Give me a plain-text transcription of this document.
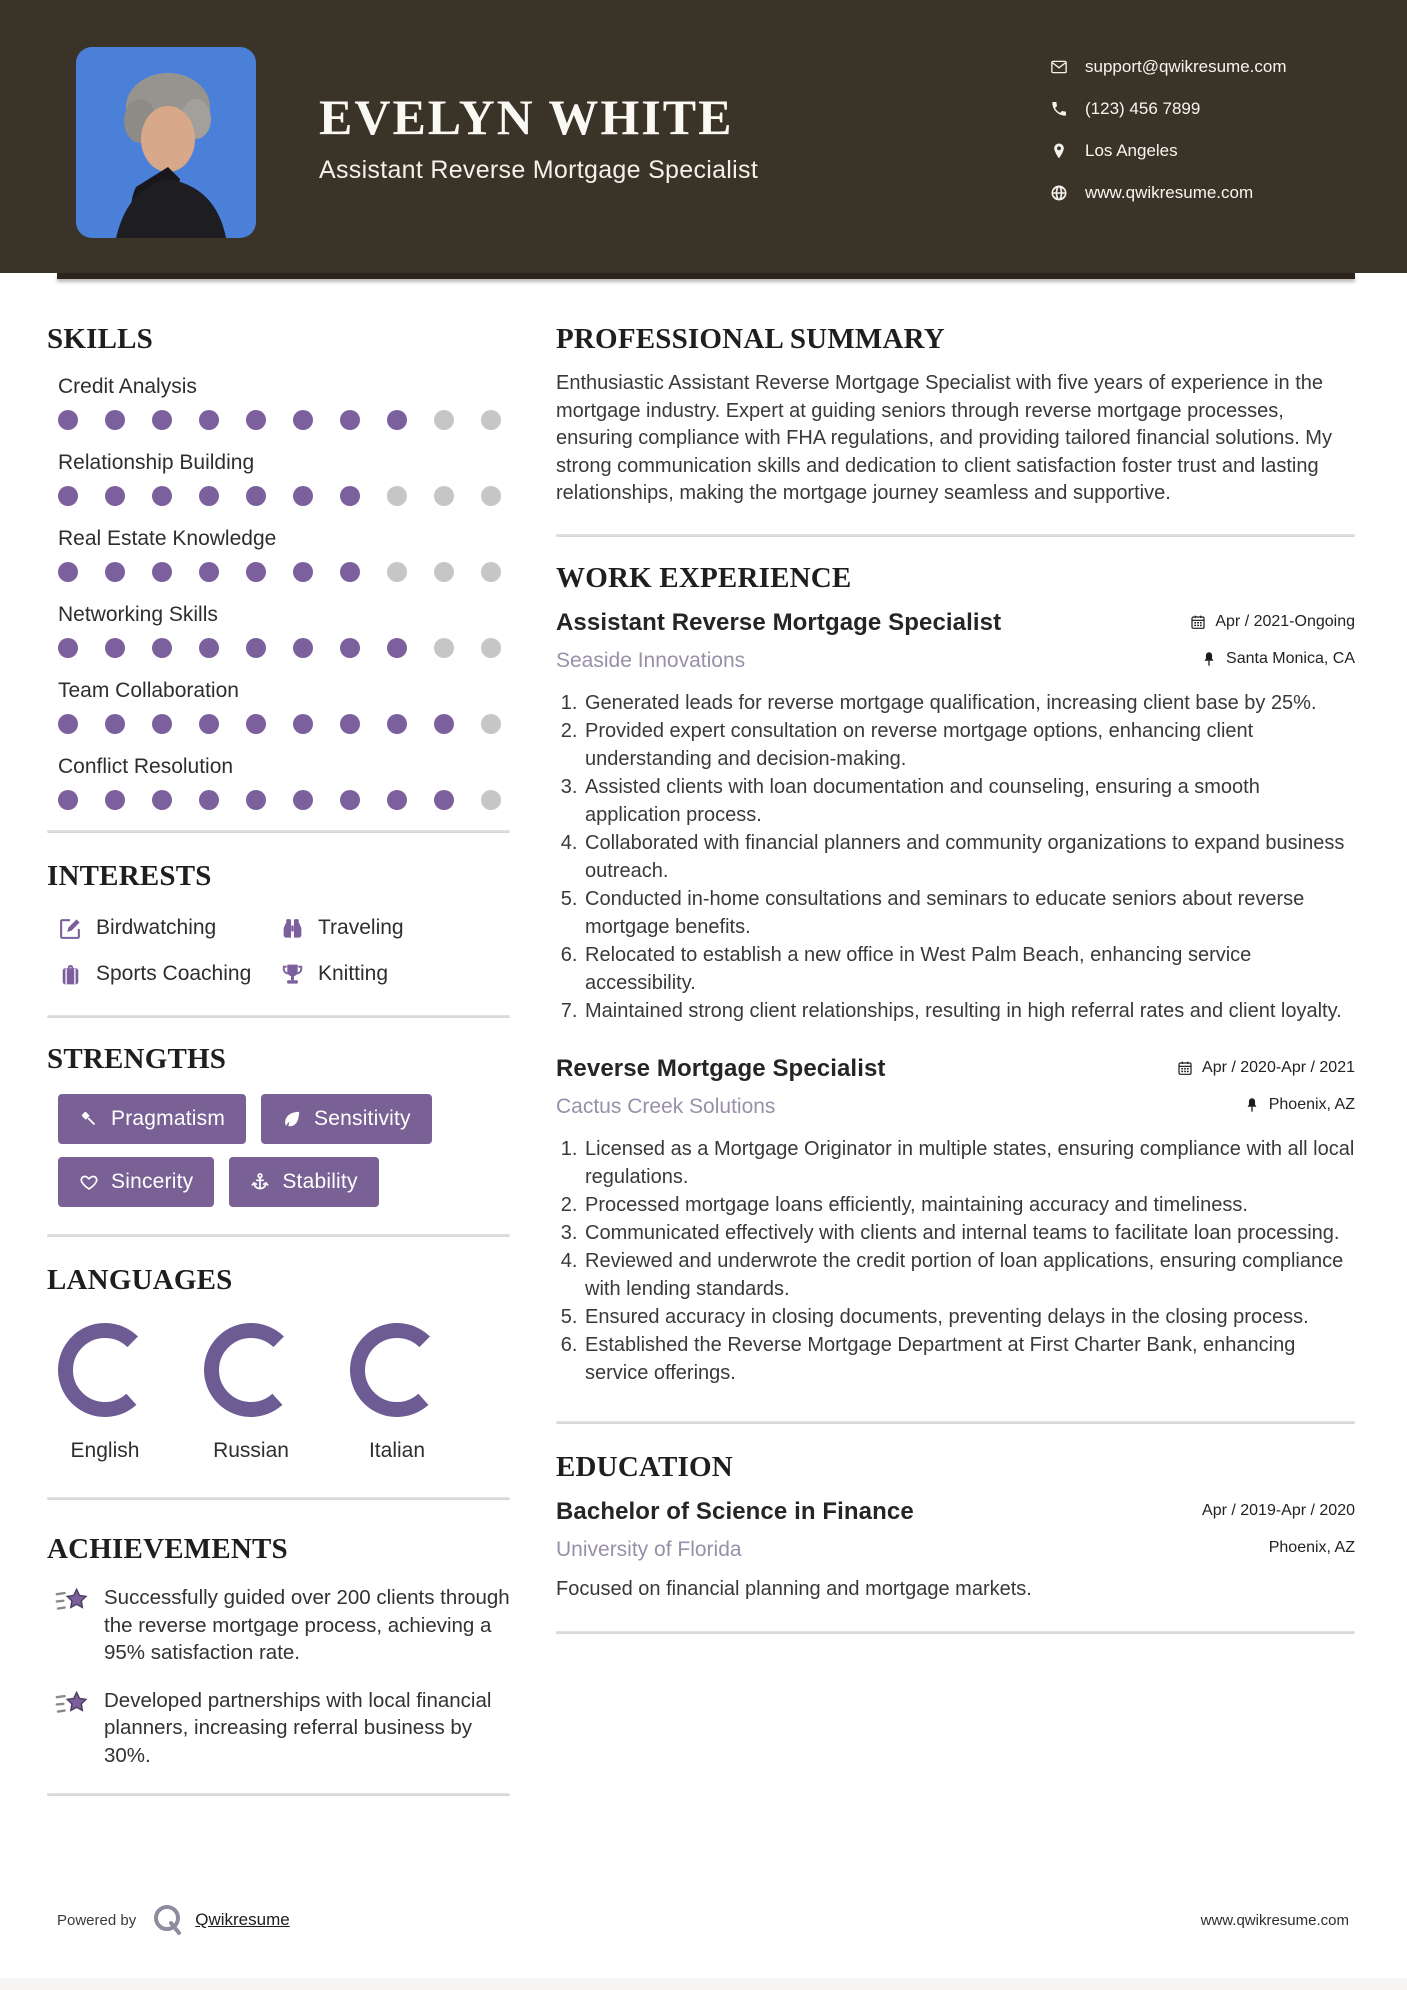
EVELYN WHITE
Assistant Reverse Mortgage Specialist
support@qwikresume.com
(123) 456 7899
Los Angeles
www.qwikresume.com
SKILLS
Credit Analysis
Relationship Building
Real Estate Knowledge
Networking Skills
Team Collaboration
Conflict Resolution
INTERESTS
Birdwatching	Traveling
Sports Coaching	Knitting
STRENGTHS
Pragmatism	Sensitivity
Sincerity	Stability
LANGUAGES
English	Russian	Italian
ACHIEVEMENTS
Successfully guided over 200 clients through the reverse mortgage process, achieving a 95% satisfaction rate.
Developed partnerships with local financial planners, increasing referral business by 30%.
PROFESSIONAL SUMMARY

Enthusiastic Assistant Reverse Mortgage Specialist with five years of experience in the mortgage industry. Expert at guiding seniors through reverse mortgage processes, ensuring compliance with FHA regulations, and providing tailored financial solutions. My strong communication skills and dedication to client satisfaction foster trust and lasting relationships, making the mortgage journey seamless and supportive.

WORK EXPERIENCE
Assistant Reverse Mortgage Specialist	Apr / 2021-Ongoing
Seaside Innovations	Santa Monica, CA
1. Generated leads for reverse mortgage qualification, increasing client base by 25%.
2. Provided expert consultation on reverse mortgage options, enhancing client understanding and decision-making.
3. Assisted clients with loan documentation and counseling, ensuring a smooth application process.
4. Collaborated with financial planners and community organizations to expand business outreach.
5. Conducted in-home consultations and seminars to educate seniors about reverse mortgage benefits.
6. Relocated to establish a new office in West Palm Beach, enhancing service accessibility.
7. Maintained strong client relationships, resulting in high referral rates and client loyalty.
Reverse Mortgage Specialist	Apr / 2020-Apr / 2021
Cactus Creek Solutions	Phoenix, AZ
1. Licensed as a Mortgage Originator in multiple states, ensuring compliance with all local regulations.
2. Processed mortgage loans efficiently, maintaining accuracy and timeliness.
3. Communicated effectively with clients and internal teams to facilitate loan processing.
4. Reviewed and underwrote the credit portion of loan applications, ensuring compliance with lending standards.
5. Ensured accuracy in closing documents, preventing delays in the closing process.
6. Established the Reverse Mortgage Department at First Charter Bank, enhancing service offerings.
EDUCATION
Bachelor of Science in Finance	Apr / 2019-Apr / 2020
University of Florida	Phoenix, AZ
Focused on financial planning and mortgage markets.
Powered by	Qwikresume	www.qwikresume.com
